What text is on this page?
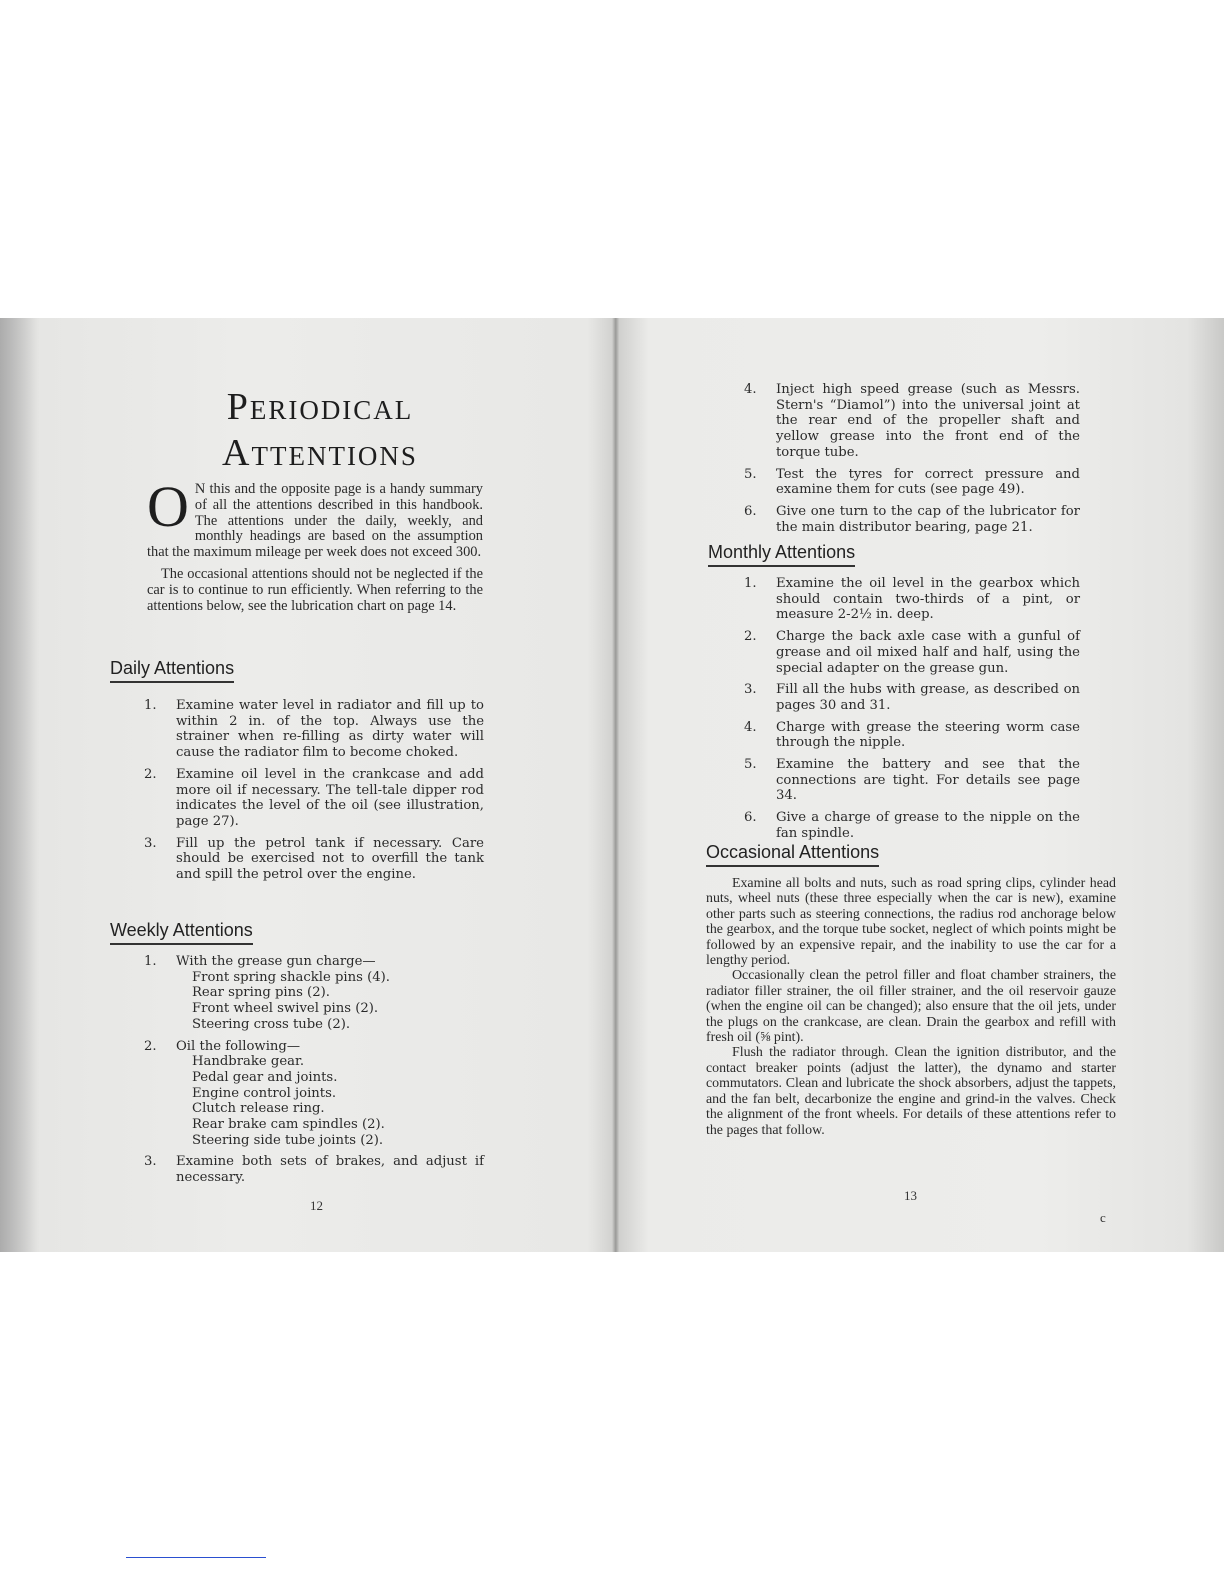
Periodical
Attentions

O N this and the opposite page is a handy summary of all the attentions described in this handbook. The attentions under the daily, weekly, and monthly headings are based on the assumption that the maximum mileage per week does not exceed 300.

The occasional attentions should not be neglected if the car is to continue to run efficiently. When referring to the attentions below, see the lubrication chart on page 14.

Daily Attentions
1.	Examine water level in radiator and fill up to within 2 in. of the top. Always use the strainer when re-filling as dirty water will cause the radiator film to become choked.
2.	Examine oil level in the crankcase and add more oil if necessary. The tell-tale dipper rod indicates the level of the oil (see illustration, page 27).
3.	Fill up the petrol tank if necessary. Care should be exercised not to overfill the tank and spill the petrol over the engine.
Weekly Attentions
1.	With the grease gun charge—
Front spring shackle pins (4).
Rear spring pins (2).
Front wheel swivel pins (2).
Steering cross tube (2).
2.	Oil the following—
Handbrake gear.
Pedal gear and joints.
Engine control joints.
Clutch release ring.
Rear brake cam spindles (2).
Steering side tube joints (2).
3.	Examine both sets of brakes, and adjust if necessary.
12
4.	Inject high speed grease (such as Messrs. Stern's “Diamol”) into the universal joint at the rear end of the propeller shaft and yellow grease into the front end of the torque tube.
5.	Test the tyres for correct pressure and examine them for cuts (see page 49).
6.	Give one turn to the cap of the lubricator for the main distributor bearing, page 21.
Monthly Attentions
1.	Examine the oil level in the gearbox which should contain two-thirds of a pint, or measure 2-2½ in. deep.
2.	Charge the back axle case with a gunful of grease and oil mixed half and half, using the special adapter on the grease gun.
3.	Fill all the hubs with grease, as described on pages 30 and 31.
4.	Charge with grease the steering worm case through the nipple.
5.	Examine the battery and see that the connections are tight. For details see page 34.
6.	Give a charge of grease to the nipple on the fan spindle.
Occasional Attentions
13
c

Examine all bolts and nuts, such as road spring clips, cylinder head nuts, wheel nuts (these three especially when the car is new), examine other parts such as steering connections, the radius rod anchorage below the gearbox, and the torque tube socket, neglect of which points might be followed by an expensive repair, and the inability to use the car for a lengthy period.

Occasionally clean the petrol filler and float chamber strainers, the radiator filler strainer, the oil filler strainer, and the oil reservoir gauze (when the engine oil can be changed); also ensure that the oil jets, under the plugs on the crankcase, are clean. Drain the gearbox and refill with fresh oil (⅝ pint).

Flush the radiator through. Clean the ignition distributor, and the contact breaker points (adjust the latter), the dynamo and starter commutators. Clean and lubricate the shock absorbers, adjust the tappets, and the fan belt, decarbonize the engine and grind-in the valves. Check the alignment of the front wheels. For details of these attentions refer to the pages that follow.
